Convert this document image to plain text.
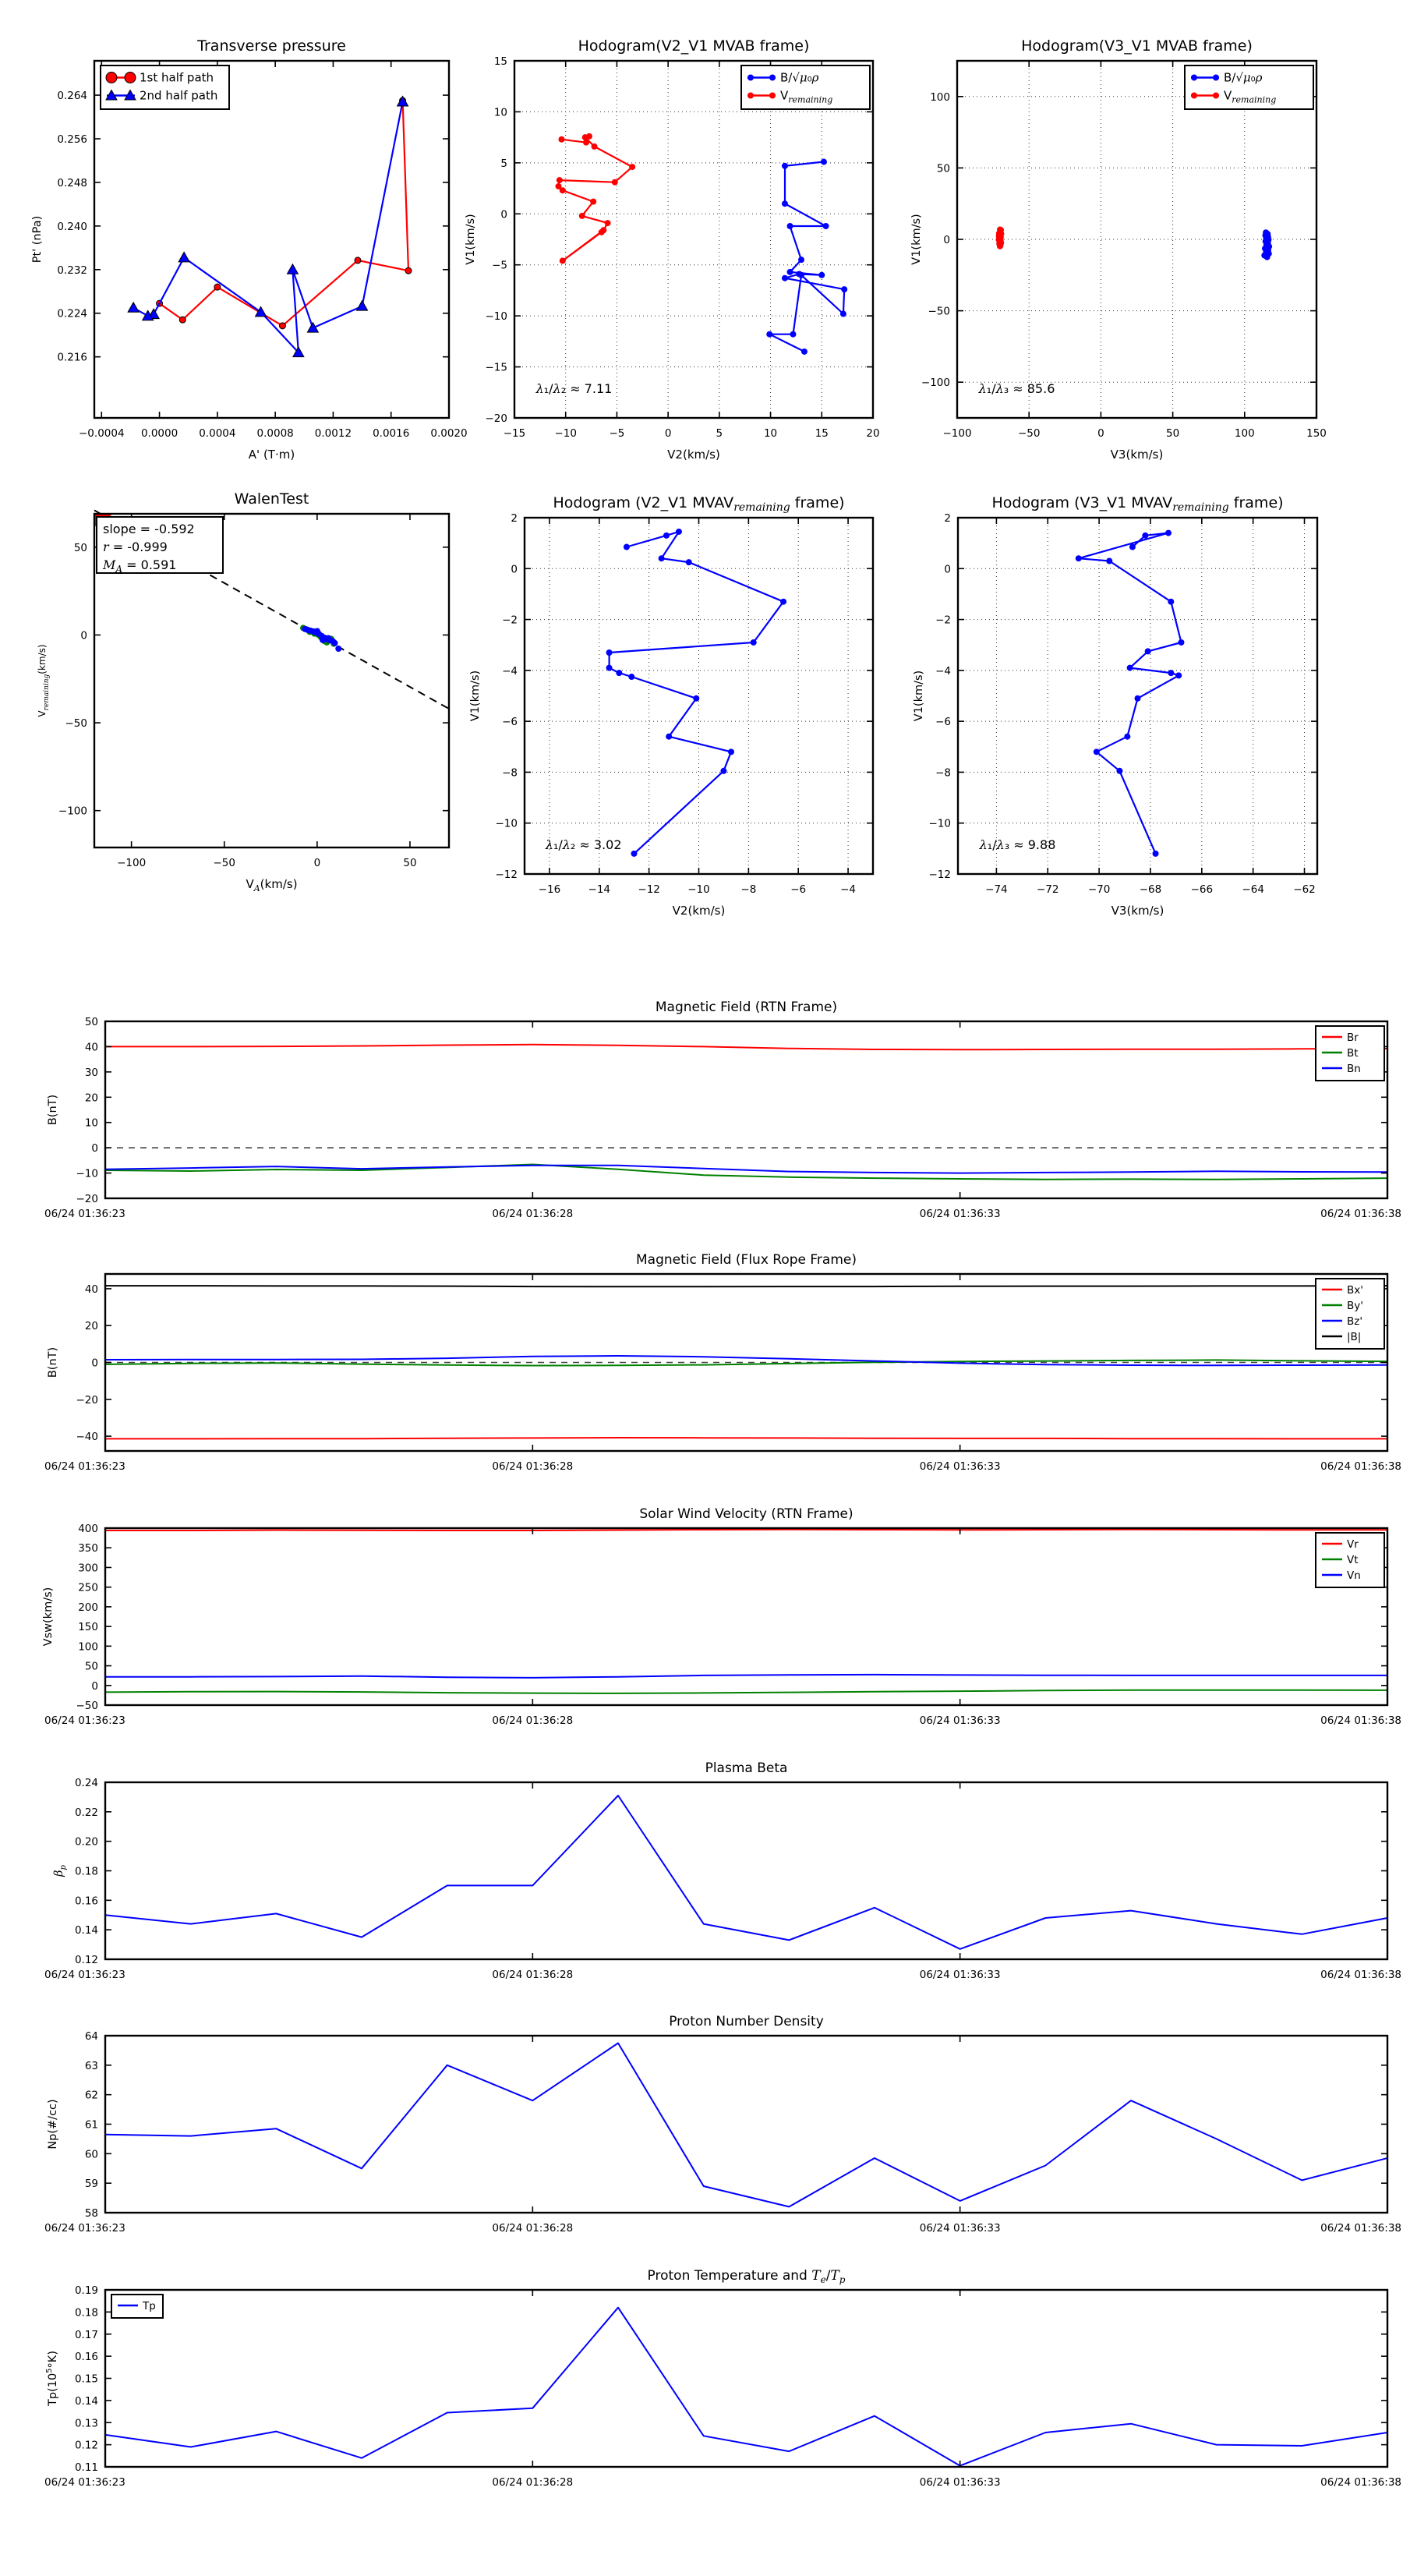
−0.0004 0.0000 0.0004 0.0008 0.0012 0.0016 0.0020
0.216
0.224
0.232
0.240
0.248
0.256
0.264
Transverse pressure
A' (T·m)
Pt' (nPa)
1st half path
2nd half path
−15	−10	−5	0	5	10	15	20
−20
−15
−10
−5
0
5
10
15
Hodogram(V2_V1 MVAB frame)
V2(km/s)
V1(km/s)
λ₁/λ₂ ≈ 7.11
B/√μ₀ρ
$V_{remaining}$
−100	−50	0	50	100	150
−100
−50
0
50
100
Hodogram(V3_V1 MVAB frame)
V3(km/s)
V1(km/s)
λ₁/λ₃ ≈ 85.6
B/√μ₀ρ
$V_{remaining}$
−100	−50	0	50
−100
−50
0
50
WalenTest
$V_A(km/s)$
$V_{remaining}(km/s)$
slope = -0.592
r = -0.999
$M_A = 0.591$
−16	−14	−12	−10	−8	−6	−4
−12
−10
−8
−6
−4
−2
0
2
Hodogram (V2_V1 $MVAV_{remaining}$ frame)
V2(km/s)
V1(km/s)
λ₁/λ₂ ≈ 3.02
−74	−72	−70	−68	−66	−64	−62
−12
−10
−8
−6
−4
−2
0
2
Hodogram (V3_V1 $MVAV_{remaining}$ frame)
V3(km/s)
V1(km/s)
λ₁/λ₃ ≈ 9.88
06/24 01:36:23	06/24 01:36:28	06/24 01:36:33	06/24 01:36:38
−20
−10
0
10
20
30
40
50
Magnetic Field (RTN Frame)
B(nT)
Br
Bt
Bn
06/24 01:36:23	06/24 01:36:28	06/24 01:36:33	06/24 01:36:38
−40
−20
0
20
40
Magnetic Field (Flux Rope Frame)
B(nT)
Bx'
By'
Bz'
|B|
06/24 01:36:23	06/24 01:36:28	06/24 01:36:33	06/24 01:36:38
−50
0
50
100
150
200
250
300
350
400
Solar Wind Velocity (RTN Frame)
Vsw(km/s)
Vr
Vt
Vn
06/24 01:36:23	06/24 01:36:28	06/24 01:36:33	06/24 01:36:38
0.12
0.14
0.16
0.18
0.20
0.22
0.24
Plasma Beta
$\beta_p$
06/24 01:36:23	06/24 01:36:28	06/24 01:36:33	06/24 01:36:38
58
59
60
61
62
63
64
Proton Number Density
Np(#/cc)
06/24 01:36:23	06/24 01:36:28	06/24 01:36:33	06/24 01:36:38
0.11
0.12
0.13
0.14
0.15
0.16
0.17
0.18
0.19
Proton Temperature and $T_e/T_p$
$Tp(10^5^\circ K)$
Tp
